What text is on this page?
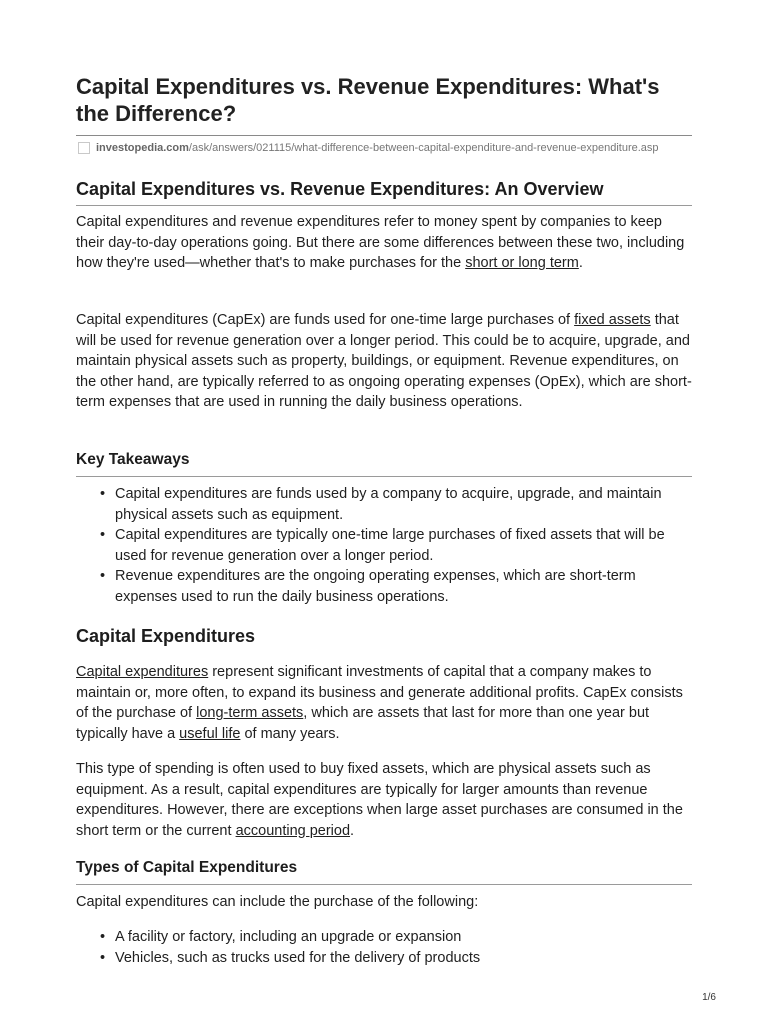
Capital Expenditures vs. Revenue Expenditures: What's the Difference?
investopedia.com /ask/answers/021115/what-difference-between-capital-expenditure-and-revenue-expenditure.asp
Capital Expenditures vs. Revenue Expenditures: An Overview

Capital expenditures and revenue expenditures refer to money spent by companies to keep their day-to-day operations going. But there are some differences between these two, including how they're used—whether that's to make purchases for the short or long term.

Capital expenditures (CapEx) are funds used for one-time large purchases of fixed assets that will be used for revenue generation over a longer period. This could be to acquire, upgrade, and maintain physical assets such as property, buildings, or equipment. Revenue expenditures, on the other hand, are typically referred to as ongoing operating expenses (OpEx), which are short-term expenses that are used in running the daily business operations.

Key Takeaways
• Capital expenditures are funds used by a company to acquire, upgrade, and maintain physical assets such as equipment.
• Capital expenditures are typically one-time large purchases of fixed assets that will be used for revenue generation over a longer period.
• Revenue expenditures are the ongoing operating expenses, which are short-term expenses used to run the daily business operations.
Capital Expenditures

Capital expenditures represent significant investments of capital that a company makes to maintain or, more often, to expand its business and generate additional profits. CapEx consists of the purchase of long-term assets, which are assets that last for more than one year but typically have a useful life of many years.

This type of spending is often used to buy fixed assets, which are physical assets such as equipment. As a result, capital expenditures are typically for larger amounts than revenue expenditures. However, there are exceptions when large asset purchases are consumed in the short term or the current accounting period.

Types of Capital Expenditures

Capital expenditures can include the purchase of the following:

• A facility or factory, including an upgrade or expansion
• Vehicles, such as trucks used for the delivery of products
1/6
